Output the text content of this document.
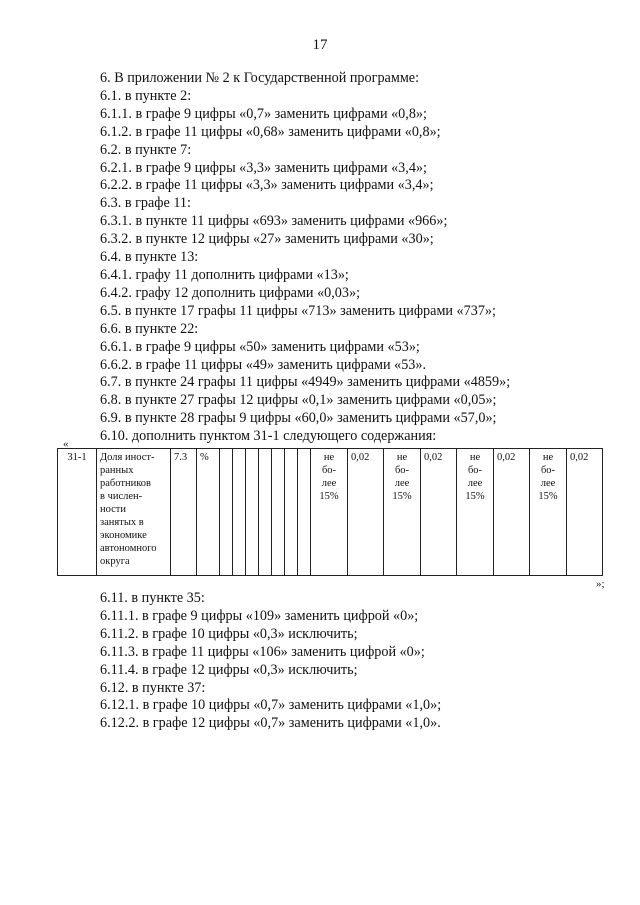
17
6. В приложении № 2 к Государственной программе:
6.1. в пункте 2:
6.1.1. в графе 9 цифры «0,7» заменить цифрами «0,8»;
6.1.2. в графе 11 цифры «0,68» заменить цифрами «0,8»;
6.2. в пункте 7:
6.2.1. в графе 9 цифры «3,3» заменить цифрами «3,4»;
6.2.2. в графе 11 цифры «3,3» заменить цифрами «3,4»;
6.3. в графе 11:
6.3.1. в пункте 11 цифры «693» заменить цифрами «966»;
6.3.2. в пункте 12 цифры «27» заменить цифрами «30»;
6.4. в пункте 13:
6.4.1. графу 11 дополнить цифрами «13»;
6.4.2. графу 12 дополнить цифрами «0,03»;
6.5. в пункте 17 графы 11 цифры «713» заменить цифрами «737»;
6.6. в пункте 22:
6.6.1. в графе 9 цифры «50» заменить цифрами «53»;
6.6.2. в графе 11 цифры «49» заменить цифрами «53».
6.7. в пункте 24 графы 11 цифры «4949» заменить цифрами «4859»;
6.8. в пункте 27 графы 12 цифры «0,1» заменить цифрами «0,05»;
6.9. в пункте 28 графы 9 цифры «60,0» заменить цифрами «57,0»;
6.10. дополнить пунктом 31-1 следующего содержания:
«
31-1	Доля иност-
ранных
работников
в числен-
ности
занятых в
экономике
автономного
округа
	7.3	%								не
бо-
лее
15%
	0,02	не
бо-
лее
15%
	0,02	не
бо-
лее
15%
	0,02	не
бо-
лее
15%
	0,02
»;
6.11. в пункте 35:
6.11.1. в графе 9 цифры «109» заменить цифрой «0»;
6.11.2. в графе 10 цифры «0,3» исключить;
6.11.3. в графе 11 цифры «106» заменить цифрой «0»;
6.11.4. в графе 12 цифры «0,3» исключить;
6.12. в пункте 37:
6.12.1. в графе 10 цифры «0,7» заменить цифрами «1,0»;
6.12.2. в графе 12 цифры «0,7» заменить цифрами «1,0».
